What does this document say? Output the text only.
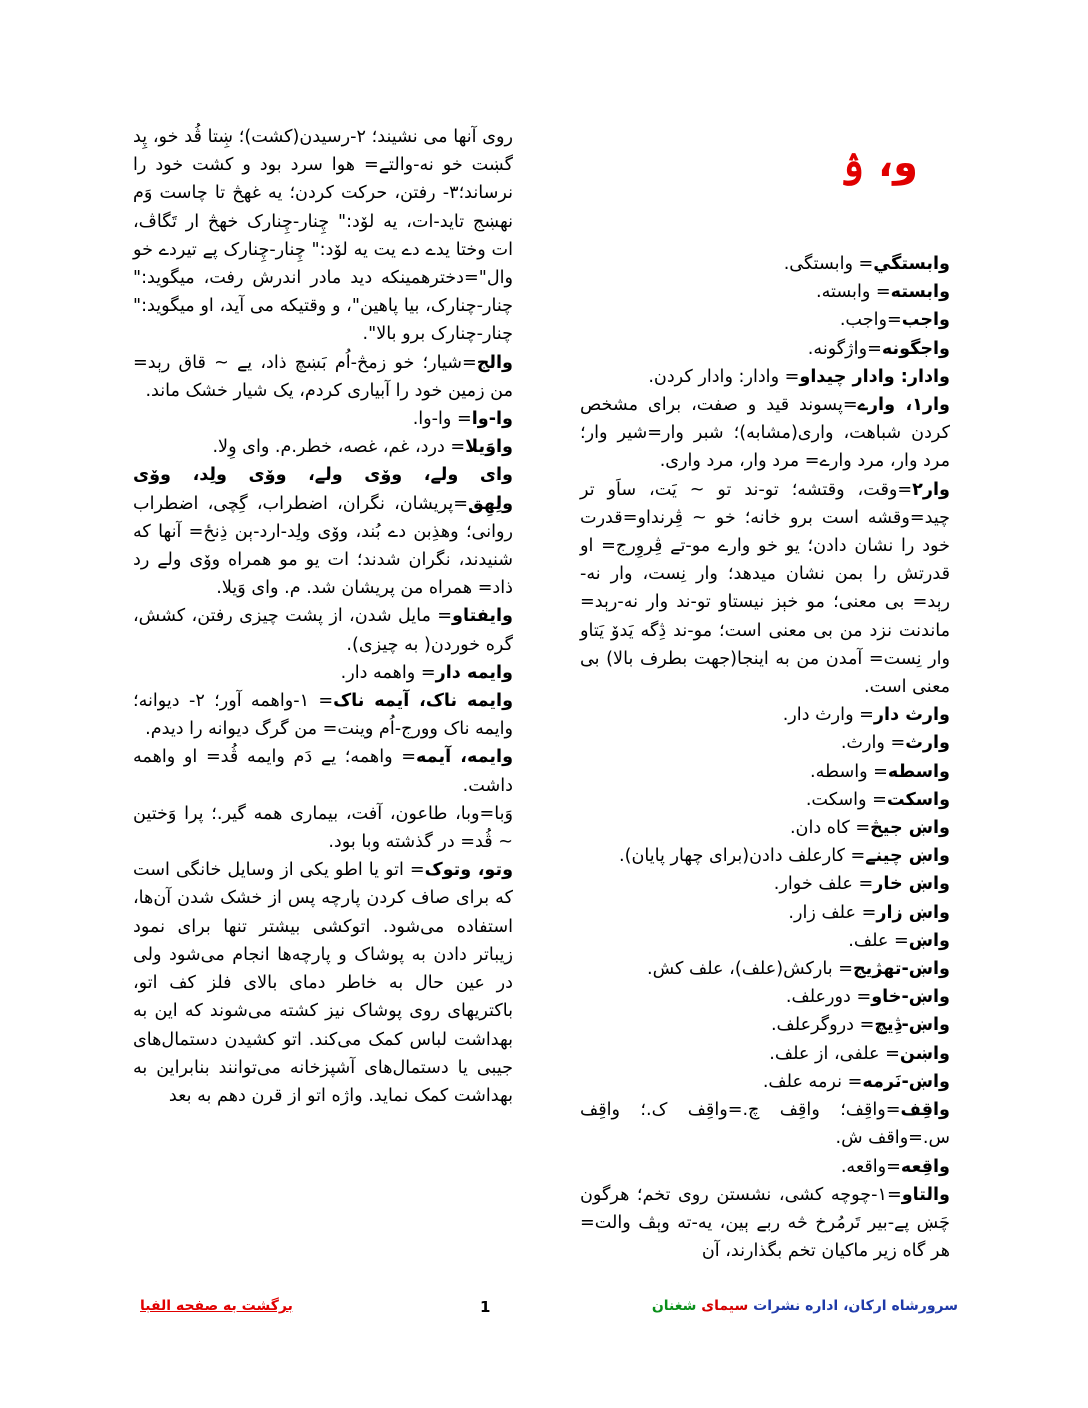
و، ۉ

وابستگي= وابستگی.

وابسته= وابسته.

واجب=واجب.

واجگونه=واژگونه.

وادار: وادار چیداو= وادار: وادار کردن.

وار۱، وارے=پسوند قید و صفت، برای مشخص کردن شباهت، واری(مشابه)؛ شبر وار=شیر وار؛ مرد وار، مرد وارے= مرد وار، مرد واری.

وار۲=وقت، وقتشه؛ تو-ند تو ~ یَت، ساَو تر چید=وقشه است برو خانه؛ خو ~ ڤِرنداو=قدرت خود را نشان دادن؛ یو خو وارے مو-تے ڤِروِرج= او قدرتش را بمن نشان میدهد؛ وار نِست، وار نه-رېد= بی معنی؛ مو خېز نیستاو تو-ند وار نه-رېد= ماندنت نزد من بی معنی است؛ مو-ند ڎِگه یَدوٚ یَتاو وار نِست= آمدن من به اینجا(جهت بطرف بالا) بی معنی است.

وارث دار= وارث دار.

وارث= وارث.

واسطه= واسطه.

واسکت= واسکت.

واښ جیڅ= کاه دان.

واښ چینے= کارعلف دادن(برای چهار پایان).

واښ خار= علف خوار.

واښ زار= علف زار.

واښ= علف.

واښ-تهژیج= بارکش(علف)، علف کش.

واښ-خاو= دورعلف.

واښ-ڎِیچ= دروگرعلف.

واښن= علفی، از علف.

واښ-نَرمه= نرمه علف.

واقِف=واقِف؛ واقِف چ.=واقِف ک.؛ واقِف س.=واقف ش.

واقِعه=واقعه.

والتاو=۱-چوچه کشی، نشستن روی تخم؛ هرگون چَښ پے-بیر تَرمُرخ څه ربے ېین، یه-ته وېڤ والت= هر گاه زیر ماکیان تخم بگذارند، آن

روی آنها می نشیند؛ ۲-رسیدن(کشت)؛ ښِتا ڤُد خو، پِد گښت خو نه-والتے= هوا سرد بود و کشت خود را نرساند؛۳- رفتن، حرکت کردن؛ یه غهڅ تا چاست وَم نهښج تاید-ات، یه لۆد:" چِنار-چِنارک خهڅ ار تَگاڤ، ات وختا یدے دے یت یه لۆد:" چِنار-چِنارک پے تیردے خو وال"=دخترهمینکه دید مادر اندرش رفت، میگوید:" چنار-چنارک، بیا پاهین"، و وقتیکه می آید، او میگوید:" چنار-چنارک برو بالا".

والج=شیار؛ خو زمڅ-اُم بَښچ ذاد، یے ~ قاق رېد= من زمین خود را آبیاری کردم، یک شیار خشک ماند.

وا-وا= وا-وا.

واوَیلا= درد، غم، غصه، خطر.م. وای وِلا.

وای ولے، ووٚی ولے، ووٚی ولِد، ووٚی ولِهِق=پریشان، نگران، اضطراب، گِچی، اضطراب روانی؛ وهذِبن دے بُند، ووٚی ولِد-ارد-ېن ذِنځ= آنها که شنیدند، نگران شدند؛ ات یو مو همراه ووٚی ولے رد ذاد= همراه من پریشان شد. م. وای وَیلا.

وایفتاو= مایل شدن، از پشت چیزی رفتن، کشش، گره خوردن( به چیزی).

وایمه دار= واهمه دار.

وایمه ناک، آیمه ناک= ۱-واهمه آور؛ ۲- دیوانه؛ وایمه ناک وورج-اُم وینت= من گرگ دیوانه را دیدم.

وایمه، آیمه= واهمه؛ یے دَم وایمه ڤُد= او واهمه داشت.

وَبا=وبا، طاعون، آفت، بیماری همه گیر.؛ پرا وَختین ~ ڤُد= در گذشته وبا بود.

وتو، وتوک= اتو یا اطو یکی از وسایل خانگی است که برای صاف کردن پارچه پس از خشک شدن آن‌ها، استفاده می‌شود. اتوکشی بیشتر تنها برای نمود زیباتر دادن به پوشاک و پارچه‌ها انجام می‌شود ولی در عین حال به خاطر دمای بالای فلز کف اتو، باکتریهای روی پوشاک نیز کشته می‌شوند که این به بهداشت لباس کمک می‌کند. اتو کشیدن دستمال‌های جیبی یا دستمال‌های آشپزخانه می‌توانند بنابراین به بهداشت کمک نماید. واژه اتو از قرن دهم به بعد

سرورشاه ارکان، اداره نشرات سیمای شغنان
1
برگشت به صفحه الفبا
